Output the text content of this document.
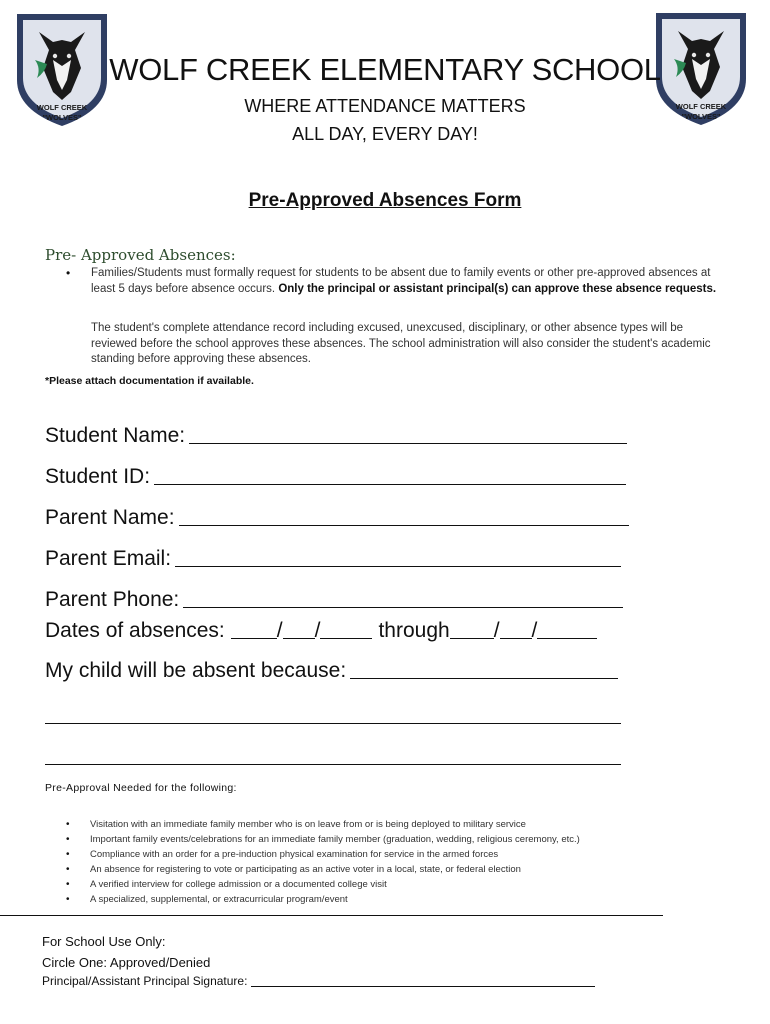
WOLF CREEK
"WOLVES"
WOLF CREEK
"WOLVES"
WOLF CREEK ELEMENTARY SCHOOL
WHERE ATTENDANCE MATTERS
ALL DAY, EVERY DAY!
Pre-Approved Absences Form
Pre- Approved Absences:
• Families/Students must formally request for students to be absent due to family events or other pre-approved absences at least 5 days before absence occurs. Only the principal or assistant principal(s) can approve these absence requests.
The student's complete attendance record including excused, unexcused, disciplinary, or other absence types will be reviewed before the school approves these absences. The school administration will also consider the student's academic standing before approving these absences.
*Please attach documentation if available.
Student Name:
Student ID:
Parent Name:
Parent Email:
Parent Phone:
Dates of absences: / /	through / /
My child will be absent because:
Pre-Approval Needed for the following:
•	Visitation with an immediate family member who is on leave from or is being deployed to military service
•	Important family events/celebrations for an immediate family member (graduation, wedding, religious ceremony, etc.)
•	Compliance with an order for a pre-induction physical examination for service in the armed forces
•	An absence for registering to vote or participating as an active voter in a local, state, or federal election
•	A verified interview for college admission or a documented college visit
•	A specialized, supplemental, or extracurricular program/event
For School Use Only:
Circle One: Approved/Denied
Principal/Assistant Principal Signature:
